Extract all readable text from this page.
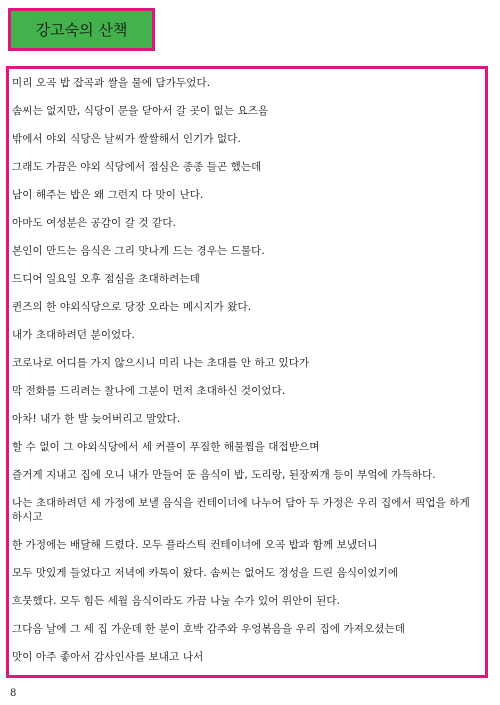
강고숙의 산책

미리 오곡 밥 잡곡과 쌀을 물에 담가두었다.

솜씨는 없지만, 식당이 문을 닫아서 갈 곳이 없는 요즈음

밖에서 야외 식당은 날씨가 쌀쌀해서 인기가 없다.

그래도 가끔은 야외 식당에서 점심은 종종 들곤 했는데

남이 해주는 밥은 왜 그런지 다 맛이 난다.

아마도 여성분은 공감이 갈 것 같다.

본인이 만드는 음식은 그리 맛나게 드는 경우는 드물다.

드디어 일요일 오후 점심을 초대하려는데

퀸즈의 한 야외식당으로 당장 오라는 메시지가 왔다.

내가 초대하려던 분이었다.

코로나로 어디를 가지 않으시니 미리 나는 초대를 안 하고 있다가

막 전화를 드리려는 찰나에 그분이 먼저 초대하신 것이었다.

아차! 내가 한 발 늦어버리고 말았다.

할 수 없이 그 야외식당에서 세 커플이 푸짐한 해물찜을 대접받으며

즐거게 지내고 집에 오니 내가 만들어 둔 음식이 밥, 도리랑, 된장찌개 등이 부엌에 가득하다.

나는 초대하려던 세 가정에 보낼 음식을 컨테이너에 나누어 담아 두 가정은 우리 집에서 픽업을 하게 하시고

한 가정에는 배달해 드렸다. 모두 플라스틱 컨테이너에 오곡 밥과 함께 보냈더니

모두 맛있게 들었다고 저녁에 카톡이 왔다. 솜씨는 없어도 정성을 드린 음식이었기에

흐뭇했다. 모두 힘든 세월 음식이라도 가끔 나눌 수가 있어 위안이 된다.

그다음 날에 그 세 집 가운데 한 분이 호박 감주와 우엉볶음을 우리 집에 가져오셨는데

맛이 아주 좋아서 감사인사를 보내고 나서

8
